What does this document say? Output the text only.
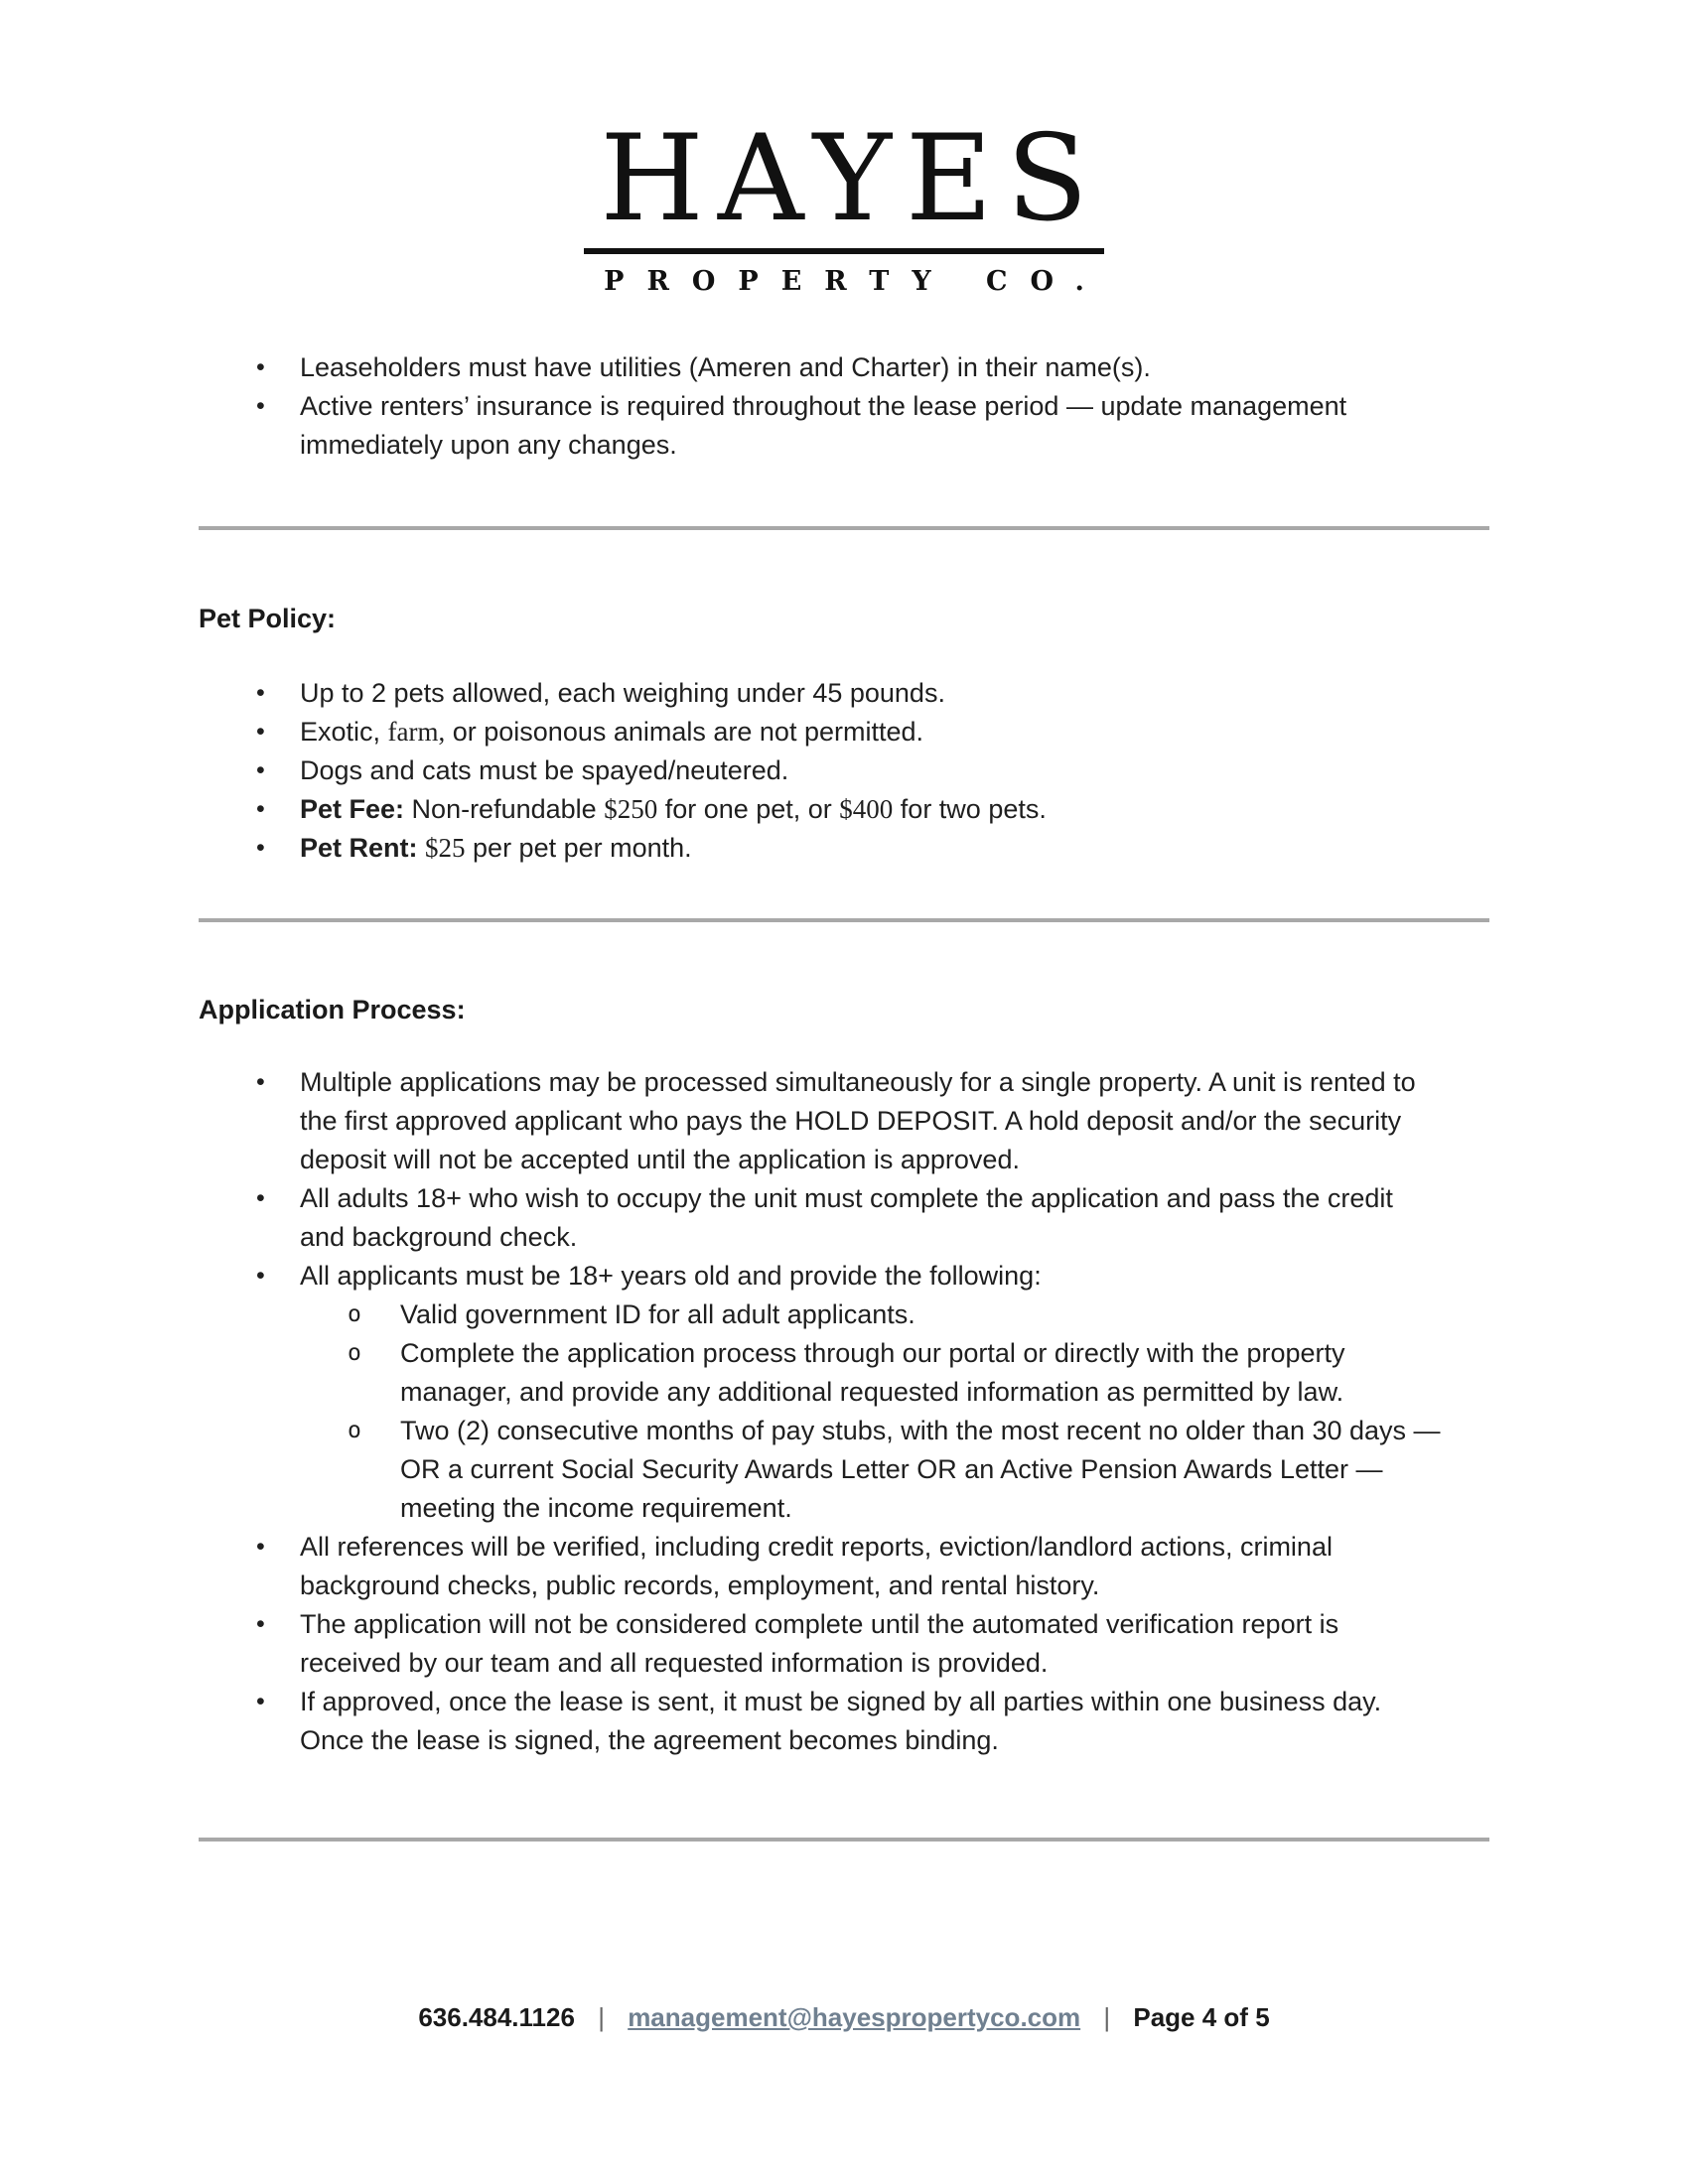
HAYES
PROPERTY CO.
• Leaseholders must have utilities (Ameren and Charter) in their name(s).
• Active renters’ insurance is required throughout the lease period — update management immediately upon any changes.
Pet Policy:
• Up to 2 pets allowed, each weighing under 45 pounds.
• Exotic, farm, or poisonous animals are not permitted.
• Dogs and cats must be spayed/neutered.
• Pet Fee: Non-refundable $250 for one pet, or $400 for two pets.
• Pet Rent: $25 per pet per month.
Application Process:
• Multiple applications may be processed simultaneously for a single property. A unit is rented to the first approved applicant who pays the HOLD DEPOSIT. A hold deposit and/or the security deposit will not be accepted until the application is approved.
• All adults 18+ who wish to occupy the unit must complete the application and pass the credit and background check.
• All applicants must be 18+ years old and provide the following:
o Valid government ID for all adult applicants.
o Complete the application process through our portal or directly with the property manager, and provide any additional requested information as permitted by law.
o Two (2) consecutive months of pay stubs, with the most recent no older than 30 days — OR a current Social Security Awards Letter OR an Active Pension Awards Letter — meeting the income requirement.
• All references will be verified, including credit reports, eviction/landlord actions, criminal background checks, public records, employment, and rental history.
• The application will not be considered complete until the automated verification report is received by our team and all requested information is provided.
• If approved, once the lease is sent, it must be signed by all parties within one business day. Once the lease is signed, the agreement becomes binding.
636.484.1126 | management@hayespropertyco.com | Page 4 of 5
